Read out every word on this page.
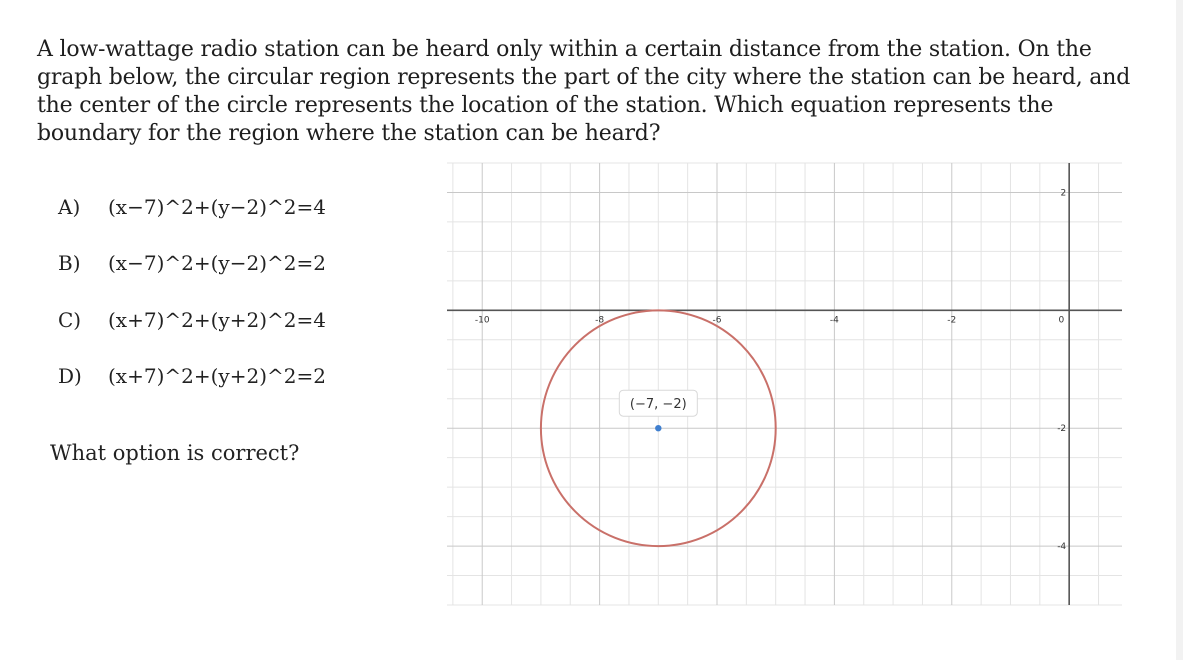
A low-wattage radio station can be heard only within a certain distance from the station. On the graph below, the circular region represents the part of the city where the station can be heard, and the center of the circle represents the location of the station. Which equation represents the boundary for the region where the station can be heard?

A) (x−7)^2+(y−2)^2=4
B) (x−7)^2+(y−2)^2=2
C) (x+7)^2+(y+2)^2=4
D) (x+7)^2+(y+2)^2=2
What option is correct?
-10	-8	-6	-4	-2	0
2
-2
-4
(−7, −2)
